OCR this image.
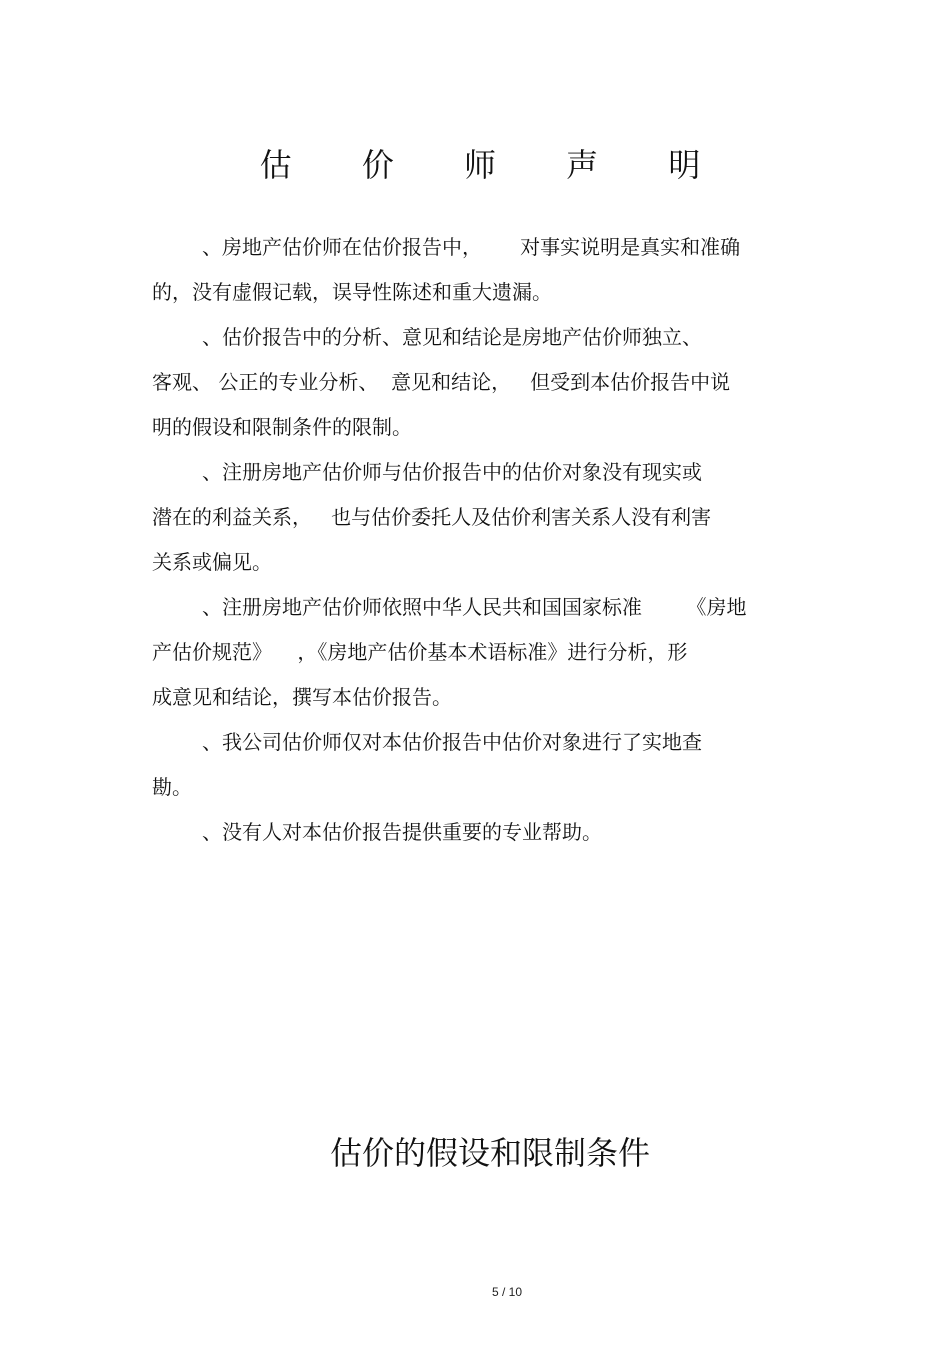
估 价 师 声 明

、房地产估价师在估价报告中，      对事实说明是真实和准确

的，没有虚假记载，误导性陈述和重大遗漏。

、估价报告中的分析、意见和结论是房地产估价师独立、

客观、 公正的专业分析、  意见和结论，   但受到本估价报告中说

明的假设和限制条件的限制。

、注册房地产估价师与估价报告中的估价对象没有现实或

潜在的利益关系，   也与估价委托人及估价利害关系人没有利害

关系或偏见。

、注册房地产估价师依照中华人民共和国国家标准       《房地

产估价规范》    ，《房地产估价基本术语标准》进行分析，形

成意见和结论，撰写本估价报告。

、我公司估价师仅对本估价报告中估价对象进行了实地查

勘。

、没有人对本估价报告提供重要的专业帮助。

估价的假设和限制条件
5 / 10
